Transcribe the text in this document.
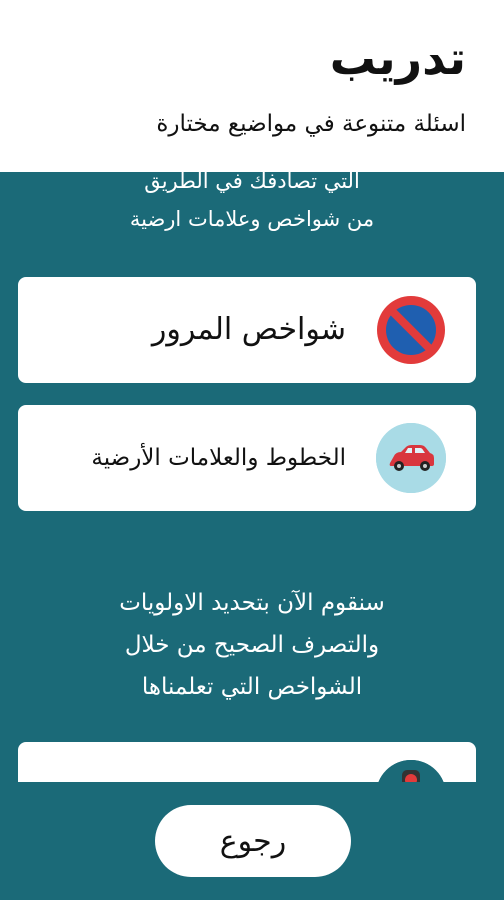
تدريب
اسئلة متنوعة في مواضيع مختارة
التي تصادفك في الطريق
من شواخص وعلامات ارضية
شواخص المرور
الخطوط والعلامات الأرضية
سنقوم الآن بتحديد الاولويات
والتصرف الصحيح من خلال
الشواخص التي تعلمناها
رجوع
